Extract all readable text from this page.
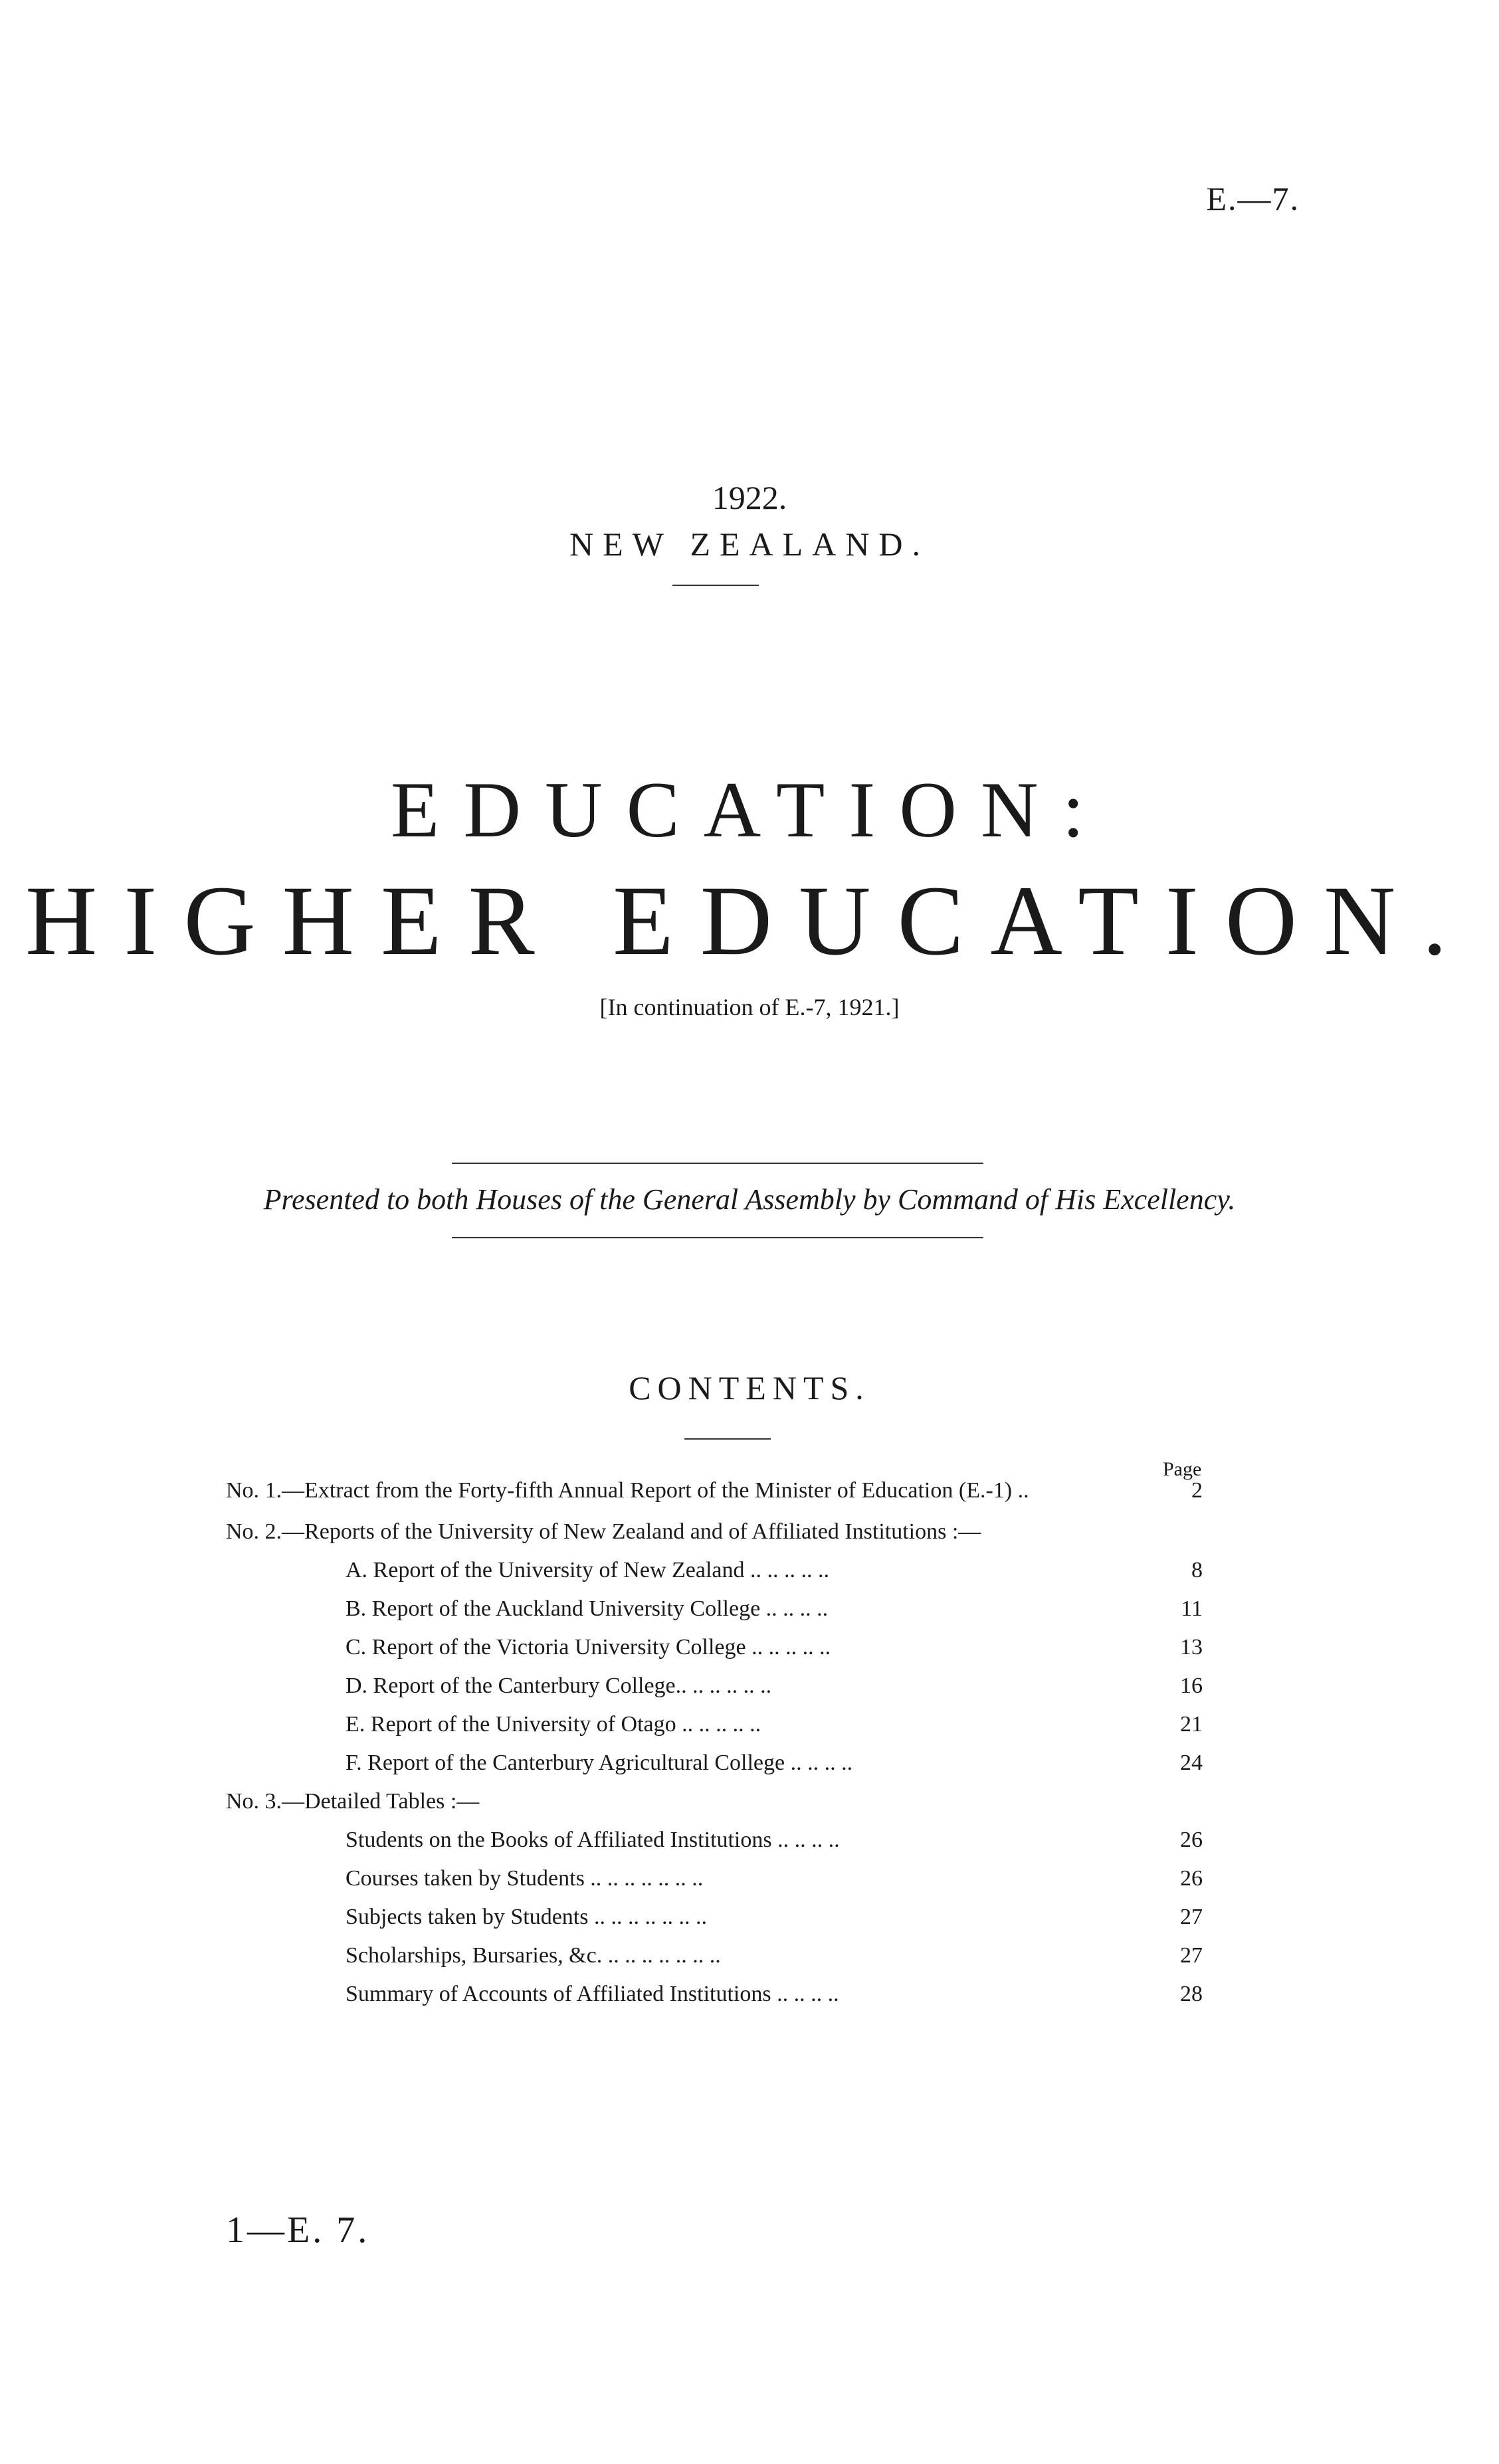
E.—7.
1922.
NEW ZEALAND.
EDUCATION:
HIGHER EDUCATION.
[In continuation of E.-7, 1921.]
Presented to both Houses of the General Assembly by Command of His Excellency.
CONTENTS.
Page
No. 1.—Extract from the Forty-fifth Annual Report of the Minister of Education (E.-1) ..	2
No. 2.—Reports of the University of New Zealand and of Affiliated Institutions :—
A. Report of the University of New Zealand .. .. .. .. ..	8
B. Report of the Auckland University College .. .. .. ..	11
C. Report of the Victoria University College .. .. .. .. ..	13
D. Report of the Canterbury College.. .. .. .. .. ..	16
E. Report of the University of Otago .. .. .. .. ..	21
F. Report of the Canterbury Agricultural College .. .. .. ..	24
No. 3.—Detailed Tables :—
Students on the Books of Affiliated Institutions .. .. .. ..	26
Courses taken by Students .. .. .. .. .. .. ..	26
Subjects taken by Students .. .. .. .. .. .. ..	27
Scholarships, Bursaries, &c. .. .. .. .. .. .. ..	27
Summary of Accounts of Affiliated Institutions .. .. .. ..	28
1—E. 7.
